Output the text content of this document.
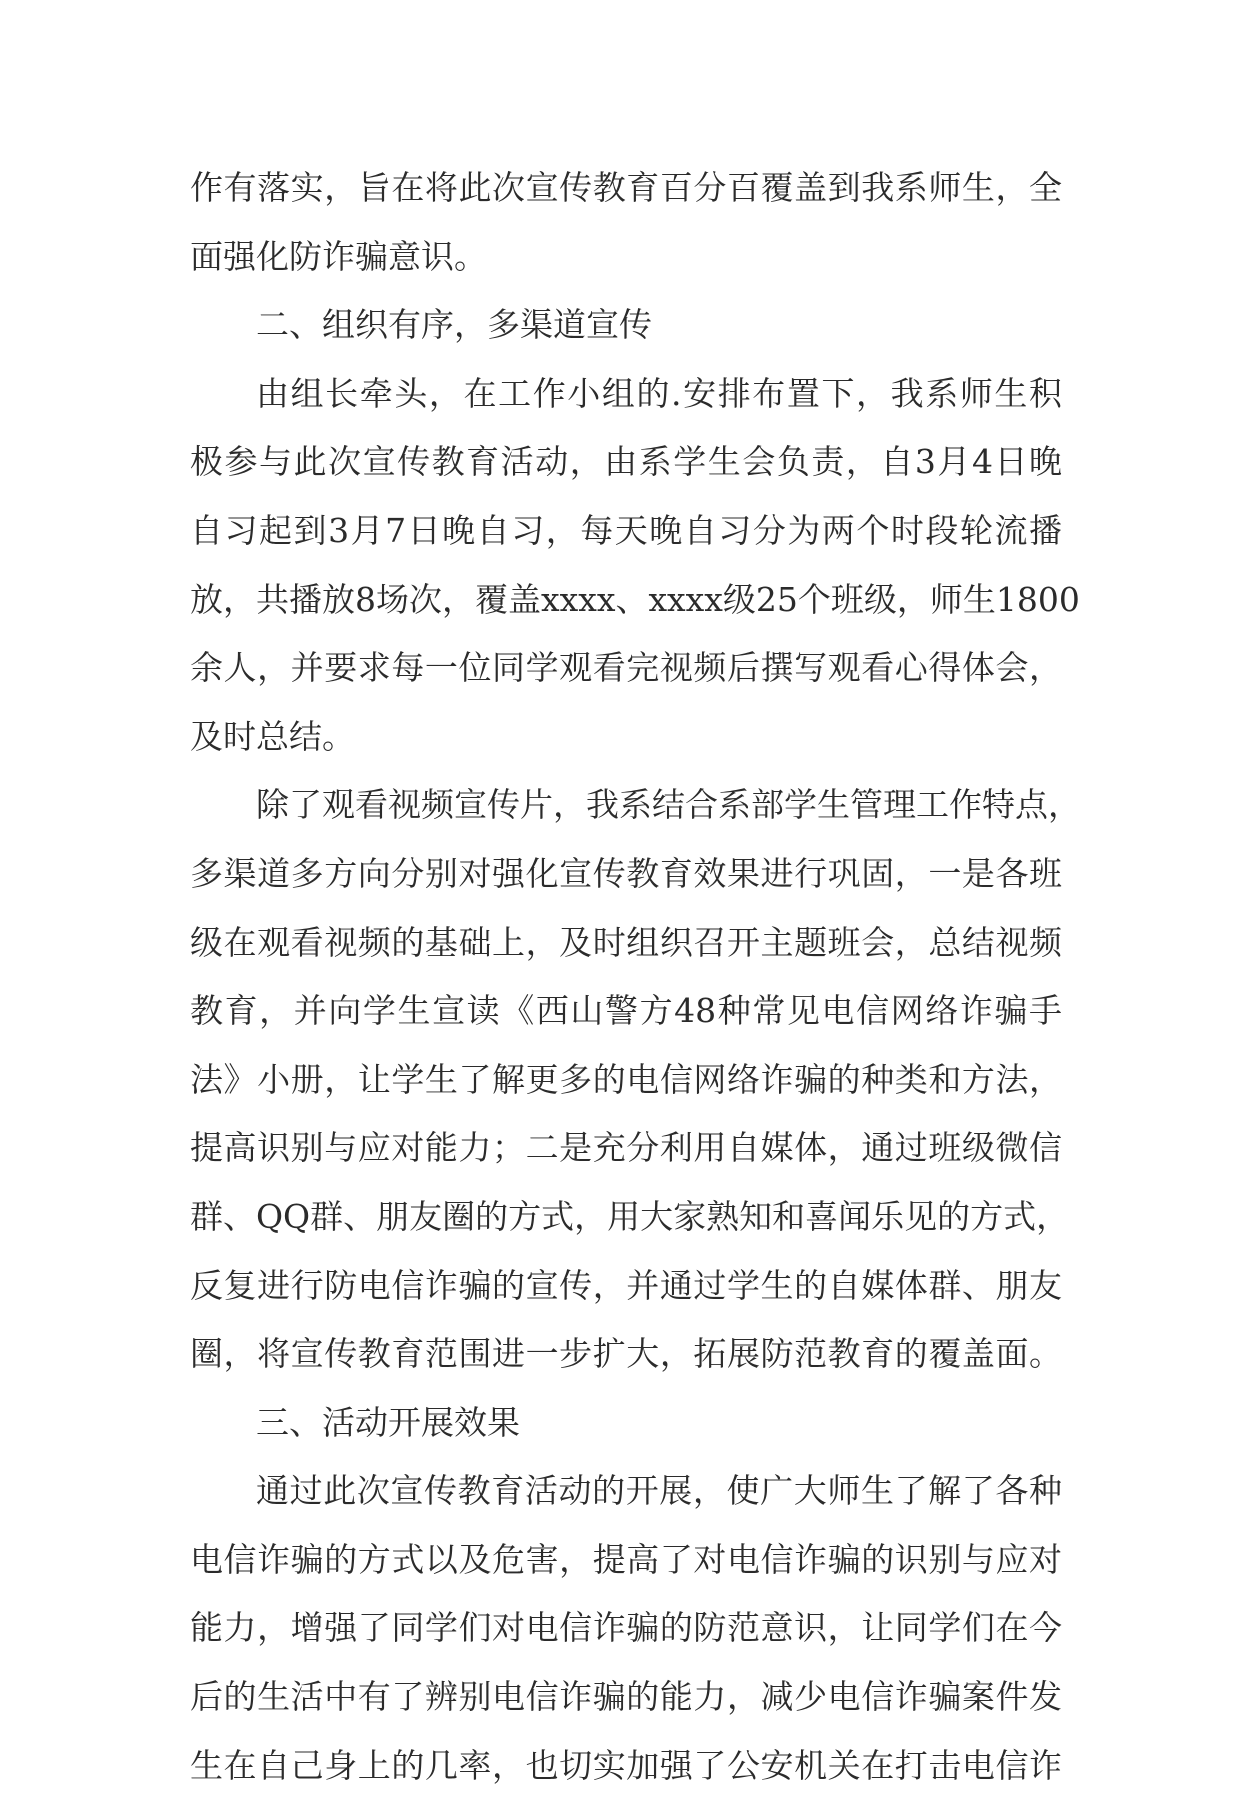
作有落实，旨在将此次宣传教育百分百覆盖到我系师生，全
面强化防诈骗意识。
二、组织有序，多渠道宣传
由组长牵头，在工作小组的.安排布置下，我系师生积
极参与此次宣传教育活动，由系学生会负责，自3月4日晚
自习起到3月7日晚自习，每天晚自习分为两个时段轮流播
放，共播放8场次，覆盖xxxx、xxxx级25个班级，师生1800
余人，并要求每一位同学观看完视频后撰写观看心得体会，
及时总结。
除了观看视频宣传片，我系结合系部学生管理工作特点，
多渠道多方向分别对强化宣传教育效果进行巩固，一是各班
级在观看视频的基础上，及时组织召开主题班会，总结视频
教育，并向学生宣读《西山警方48种常见电信网络诈骗手
法》小册，让学生了解更多的电信网络诈骗的种类和方法，
提高识别与应对能力；二是充分利用自媒体，通过班级微信
群、QQ群、朋友圈的方式，用大家熟知和喜闻乐见的方式，
反复进行防电信诈骗的宣传，并通过学生的自媒体群、朋友
圈，将宣传教育范围进一步扩大，拓展防范教育的覆盖面。
三、活动开展效果
通过此次宣传教育活动的开展，使广大师生了解了各种
电信诈骗的方式以及危害，提高了对电信诈骗的识别与应对
能力，增强了同学们对电信诈骗的防范意识，让同学们在今
后的生活中有了辨别电信诈骗的能力，减少电信诈骗案件发
生在自己身上的几率，也切实加强了公安机关在打击电信诈
